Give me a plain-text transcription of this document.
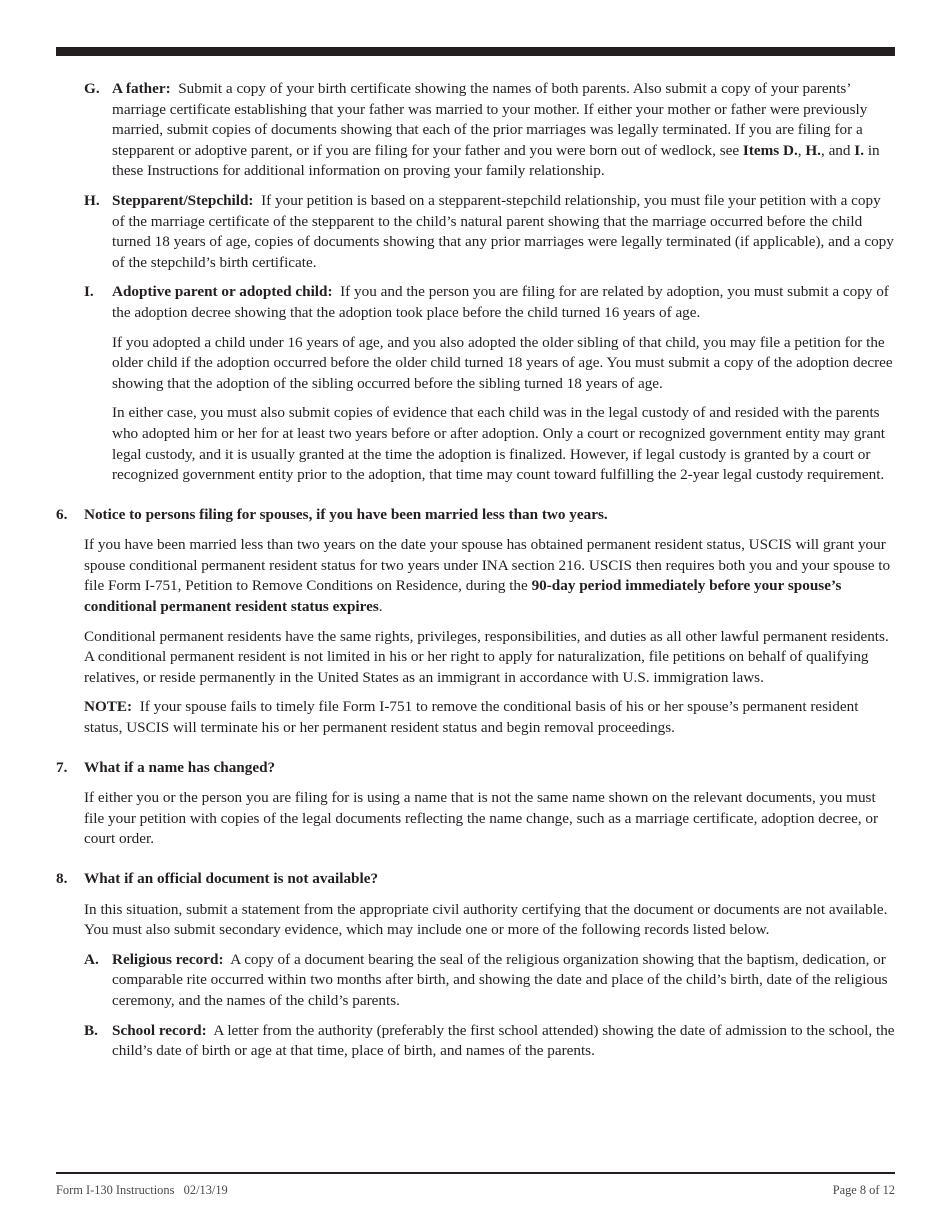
G. A father: Submit a copy of your birth certificate showing the names of both parents. Also submit a copy of your parents’ marriage certificate establishing that your father was married to your mother. If either your mother or father were previously married, submit copies of documents showing that each of the prior marriages was legally terminated. If you are filing for a stepparent or adoptive parent, or if you are filing for your father and you were born out of wedlock, see Items D., H., and I. in these Instructions for additional information on proving your family relationship.

H. Stepparent/Stepchild: If your petition is based on a stepparent-stepchild relationship, you must file your petition with a copy of the marriage certificate of the stepparent to the child’s natural parent showing that the marriage occurred before the child turned 18 years of age, copies of documents showing that any prior marriages were legally terminated (if applicable), and a copy of the stepchild’s birth certificate.

I.	Adoptive parent or adopted child: If you and the person you are filing for are related by adoption, you must submit a copy of the adoption decree showing that the adoption took place before the child turned 16 years of age.

If you adopted a child under 16 years of age, and you also adopted the older sibling of that child, you may file a petition for the older child if the adoption occurred before the older child turned 18 years of age. You must submit a copy of the adoption decree showing that the adoption of the sibling occurred before the sibling turned 18 years of age.

In either case, you must also submit copies of evidence that each child was in the legal custody of and resided with the parents who adopted him or her for at least two years before or after adoption. Only a court or recognized government entity may grant legal custody, and it is usually granted at the time the adoption is finalized. However, if legal custody is granted by a court or recognized government entity prior to the adoption, that time may count toward fulfilling the 2-year legal custody requirement.

6.	Notice to persons filing for spouses, if you have been married less than two years.

If you have been married less than two years on the date your spouse has obtained permanent resident status, USCIS will grant your spouse conditional permanent resident status for two years under INA section 216. USCIS then requires both you and your spouse to file Form I-751, Petition to Remove Conditions on Residence, during the 90-day period immediately before your spouse’s conditional permanent resident status expires.

Conditional permanent residents have the same rights, privileges, responsibilities, and duties as all other lawful permanent residents. A conditional permanent resident is not limited in his or her right to apply for naturalization, file petitions on behalf of qualifying relatives, or reside permanently in the United States as an immigrant in accordance with U.S. immigration laws.

NOTE: If your spouse fails to timely file Form I-751 to remove the conditional basis of his or her spouse’s permanent resident status, USCIS will terminate his or her permanent resident status and begin removal proceedings.

7.	What if a name has changed?

If either you or the person you are filing for is using a name that is not the same name shown on the relevant documents, you must file your petition with copies of the legal documents reflecting the name change, such as a marriage certificate, adoption decree, or court order.

8.	What if an official document is not available?

In this situation, submit a statement from the appropriate civil authority certifying that the document or documents are not available. You must also submit secondary evidence, which may include one or more of the following records listed below.

A. Religious record: A copy of a document bearing the seal of the religious organization showing that the baptism, dedication, or comparable rite occurred within two months after birth, and showing the date and place of the child’s birth, date of the religious ceremony, and the names of the child’s parents.

B. School record: A letter from the authority (preferably the first school attended) showing the date of admission to the school, the child’s date of birth or age at that time, place of birth, and names of the parents.

Form I-130 Instructions   02/13/19	Page 8 of 12
